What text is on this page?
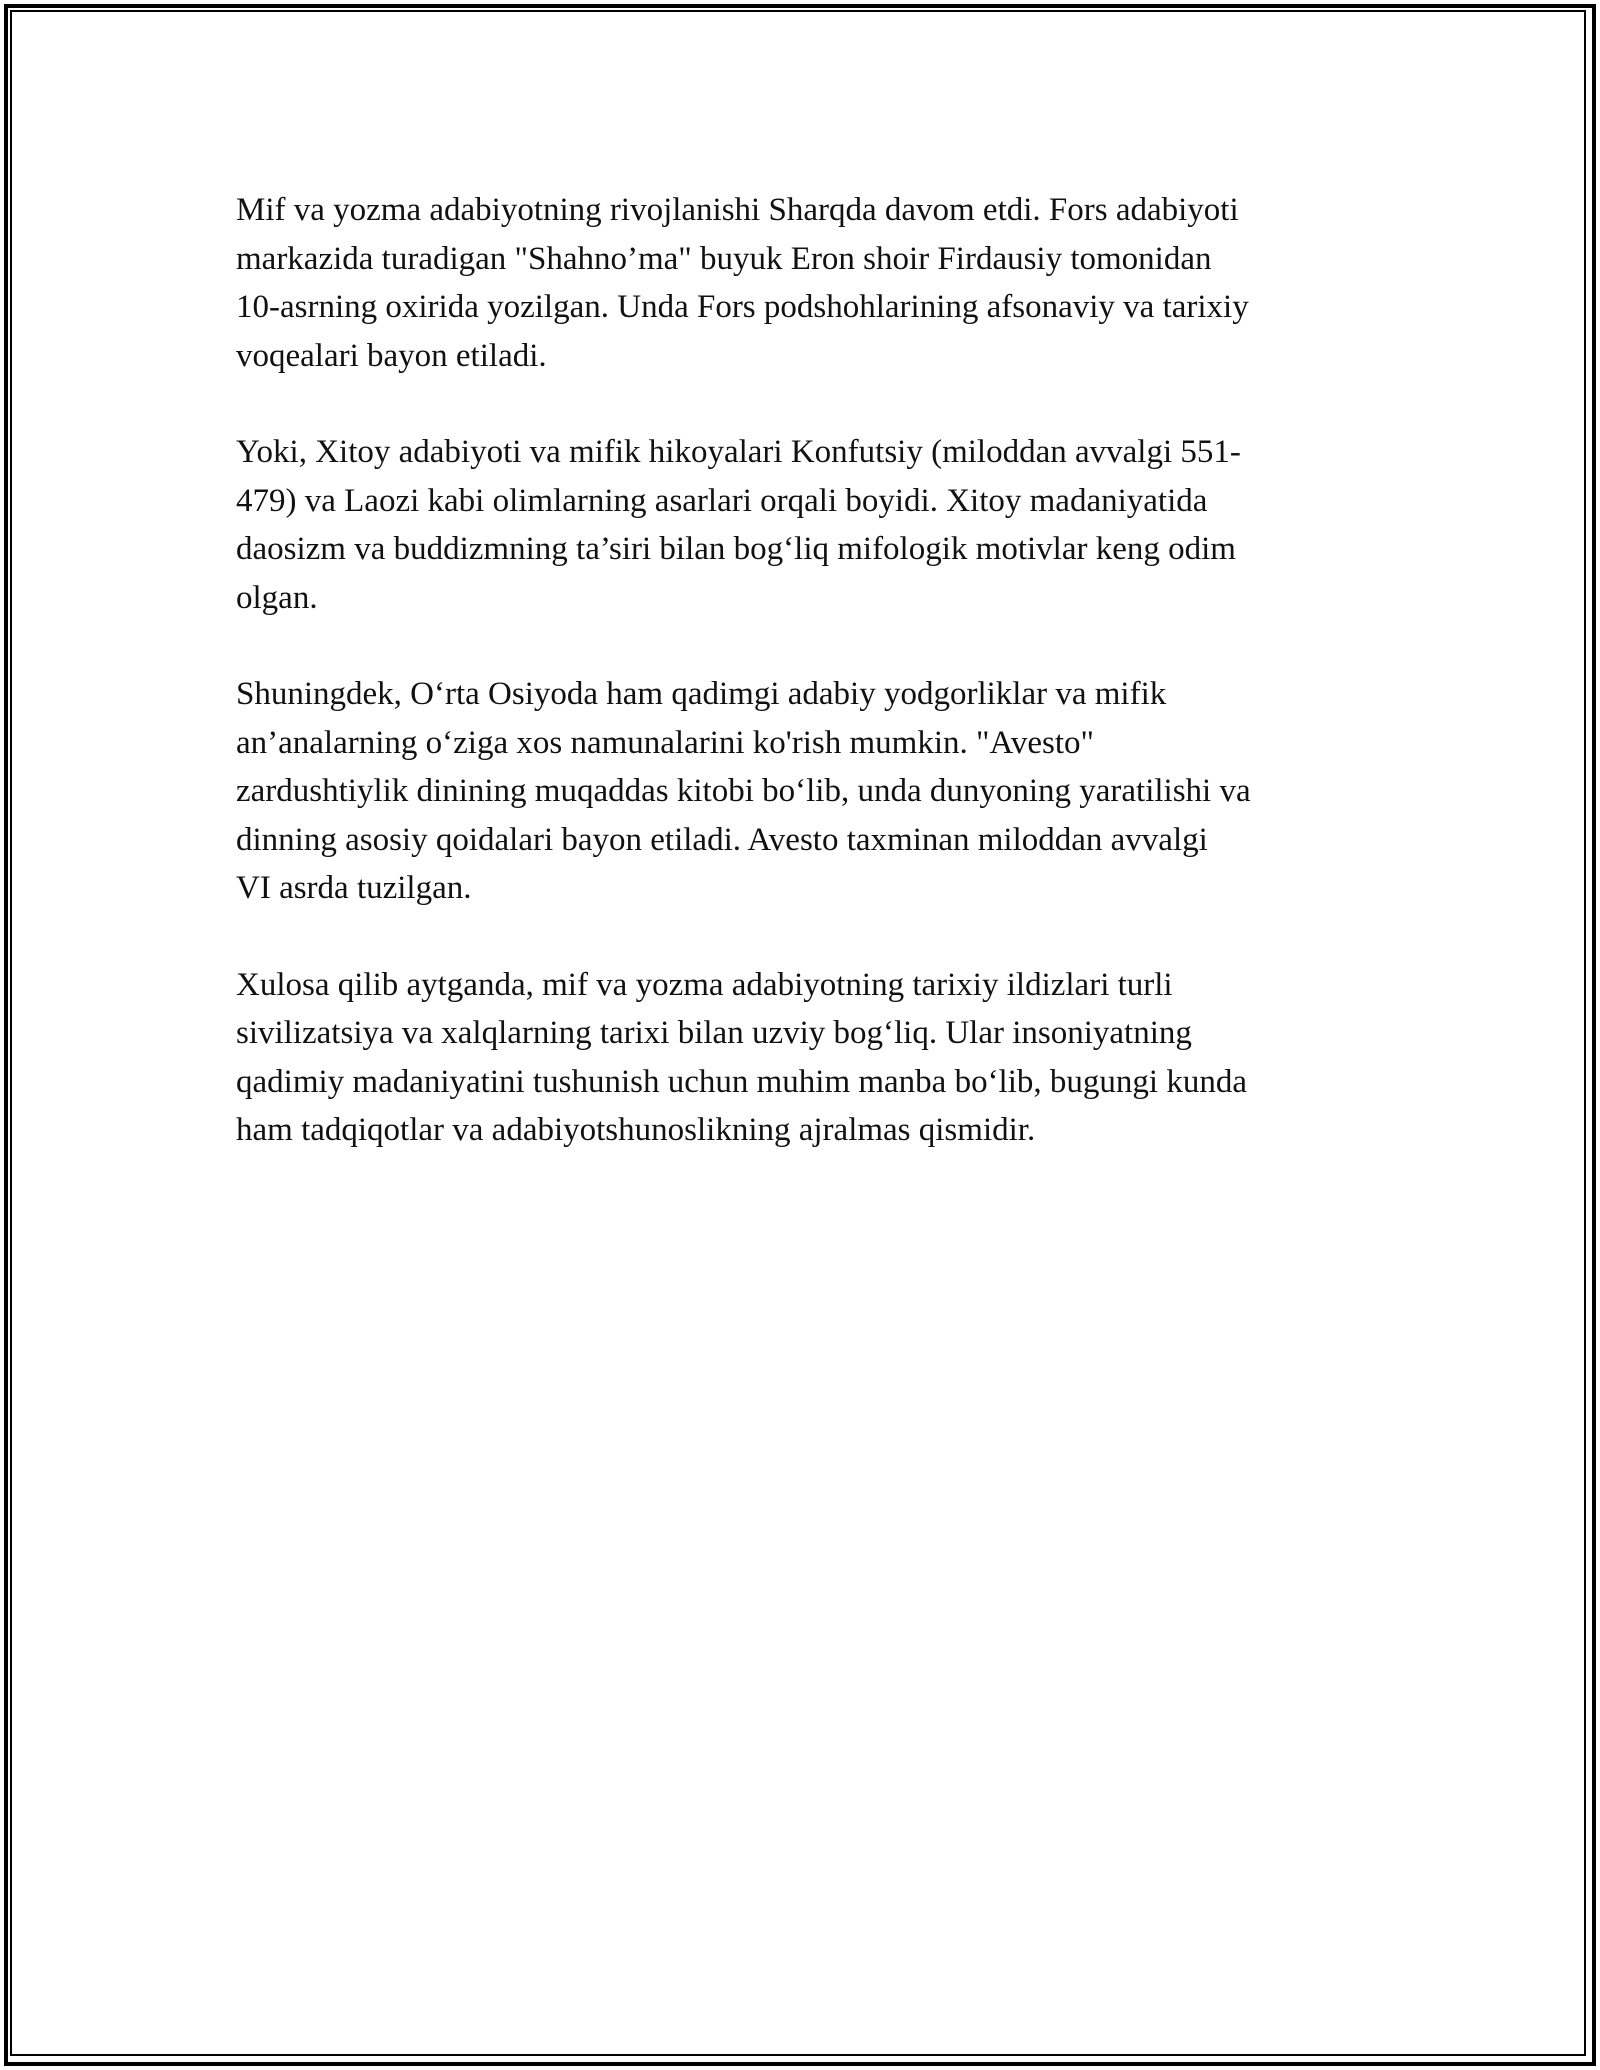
Mif va yozma adabiyotning rivojlanishi Sharqda davom etdi. Fors adabiyoti
markazida turadigan "Shahno’ma" buyuk Eron shoir Firdausiy tomonidan
10-asrning oxirida yozilgan. Unda Fors podshohlarining afsonaviy va tarixiy
voqealari bayon etiladi.

Yoki, Xitoy adabiyoti va mifik hikoyalari Konfutsiy (miloddan avvalgi 551-
479) va Laozi kabi olimlarning asarlari orqali boyidi. Xitoy madaniyatida
daosizm va buddizmning ta’siri bilan bog‘liq mifologik motivlar keng odim
olgan.

Shuningdek, O‘rta Osiyoda ham qadimgi adabiy yodgorliklar va mifik
an’analarning o‘ziga xos namunalarini ko'rish mumkin. "Avesto"
zardushtiylik dinining muqaddas kitobi bo‘lib, unda dunyoning yaratilishi va
dinning asosiy qoidalari bayon etiladi. Avesto taxminan miloddan avvalgi
VI asrda tuzilgan.

Xulosa qilib aytganda, mif va yozma adabiyotning tarixiy ildizlari turli
sivilizatsiya va xalqlarning tarixi bilan uzviy bog‘liq. Ular insoniyatning
qadimiy madaniyatini tushunish uchun muhim manba bo‘lib, bugungi kunda
ham tadqiqotlar va adabiyotshunoslikning ajralmas qismidir.
